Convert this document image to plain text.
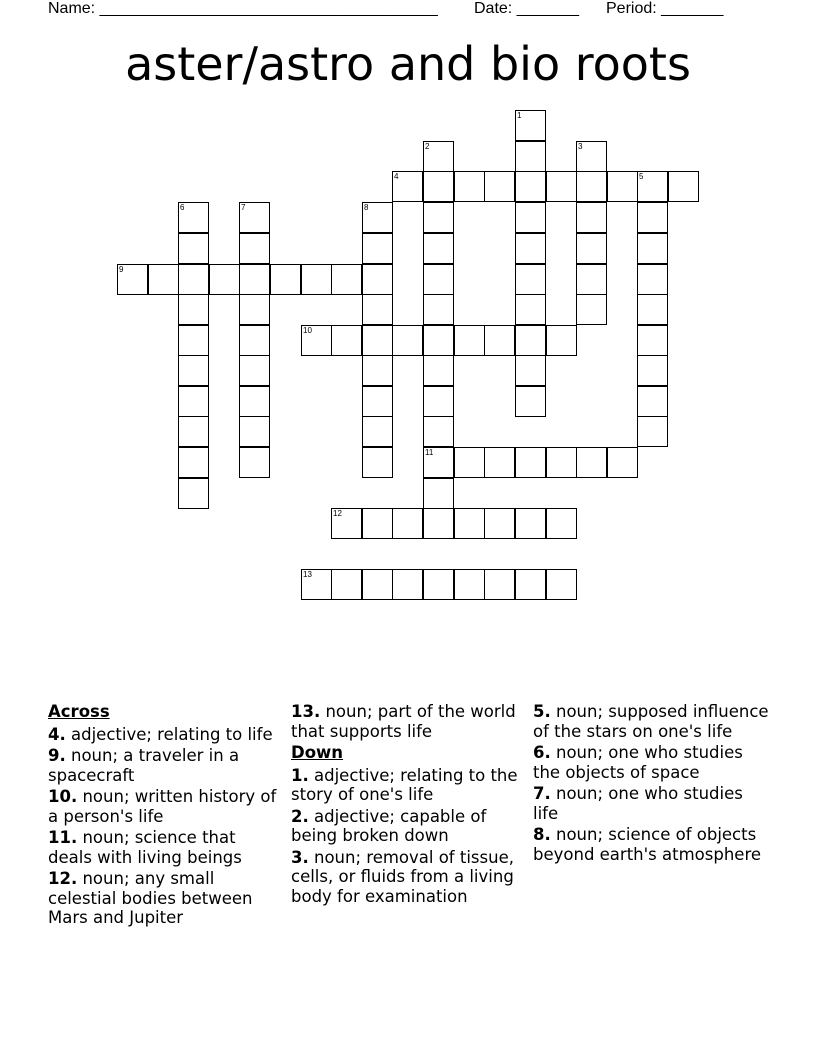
Name: ______________________________________ Date: _______ Period: _______
aster/astro and bio roots
1
2	3
4	5
6	7	8
9
10
11
12
13
Across
4. adjective; relating to life
9. noun; a traveler in a spacecraft
10. noun; written history of a person's life
11. noun; science that deals with living beings
12. noun; any small celestial bodies between Mars and Jupiter
13. noun; part of the world that supports life
Down
1. adjective; relating to the story of one's life
2. adjective; capable of being broken down
3. noun; removal of tissue, cells, or fluids from a living body for examination
5. noun; supposed influence of the stars on one's life
6. noun; one who studies the objects of space
7. noun; one who studies life
8. noun; science of objects beyond earth's atmosphere
